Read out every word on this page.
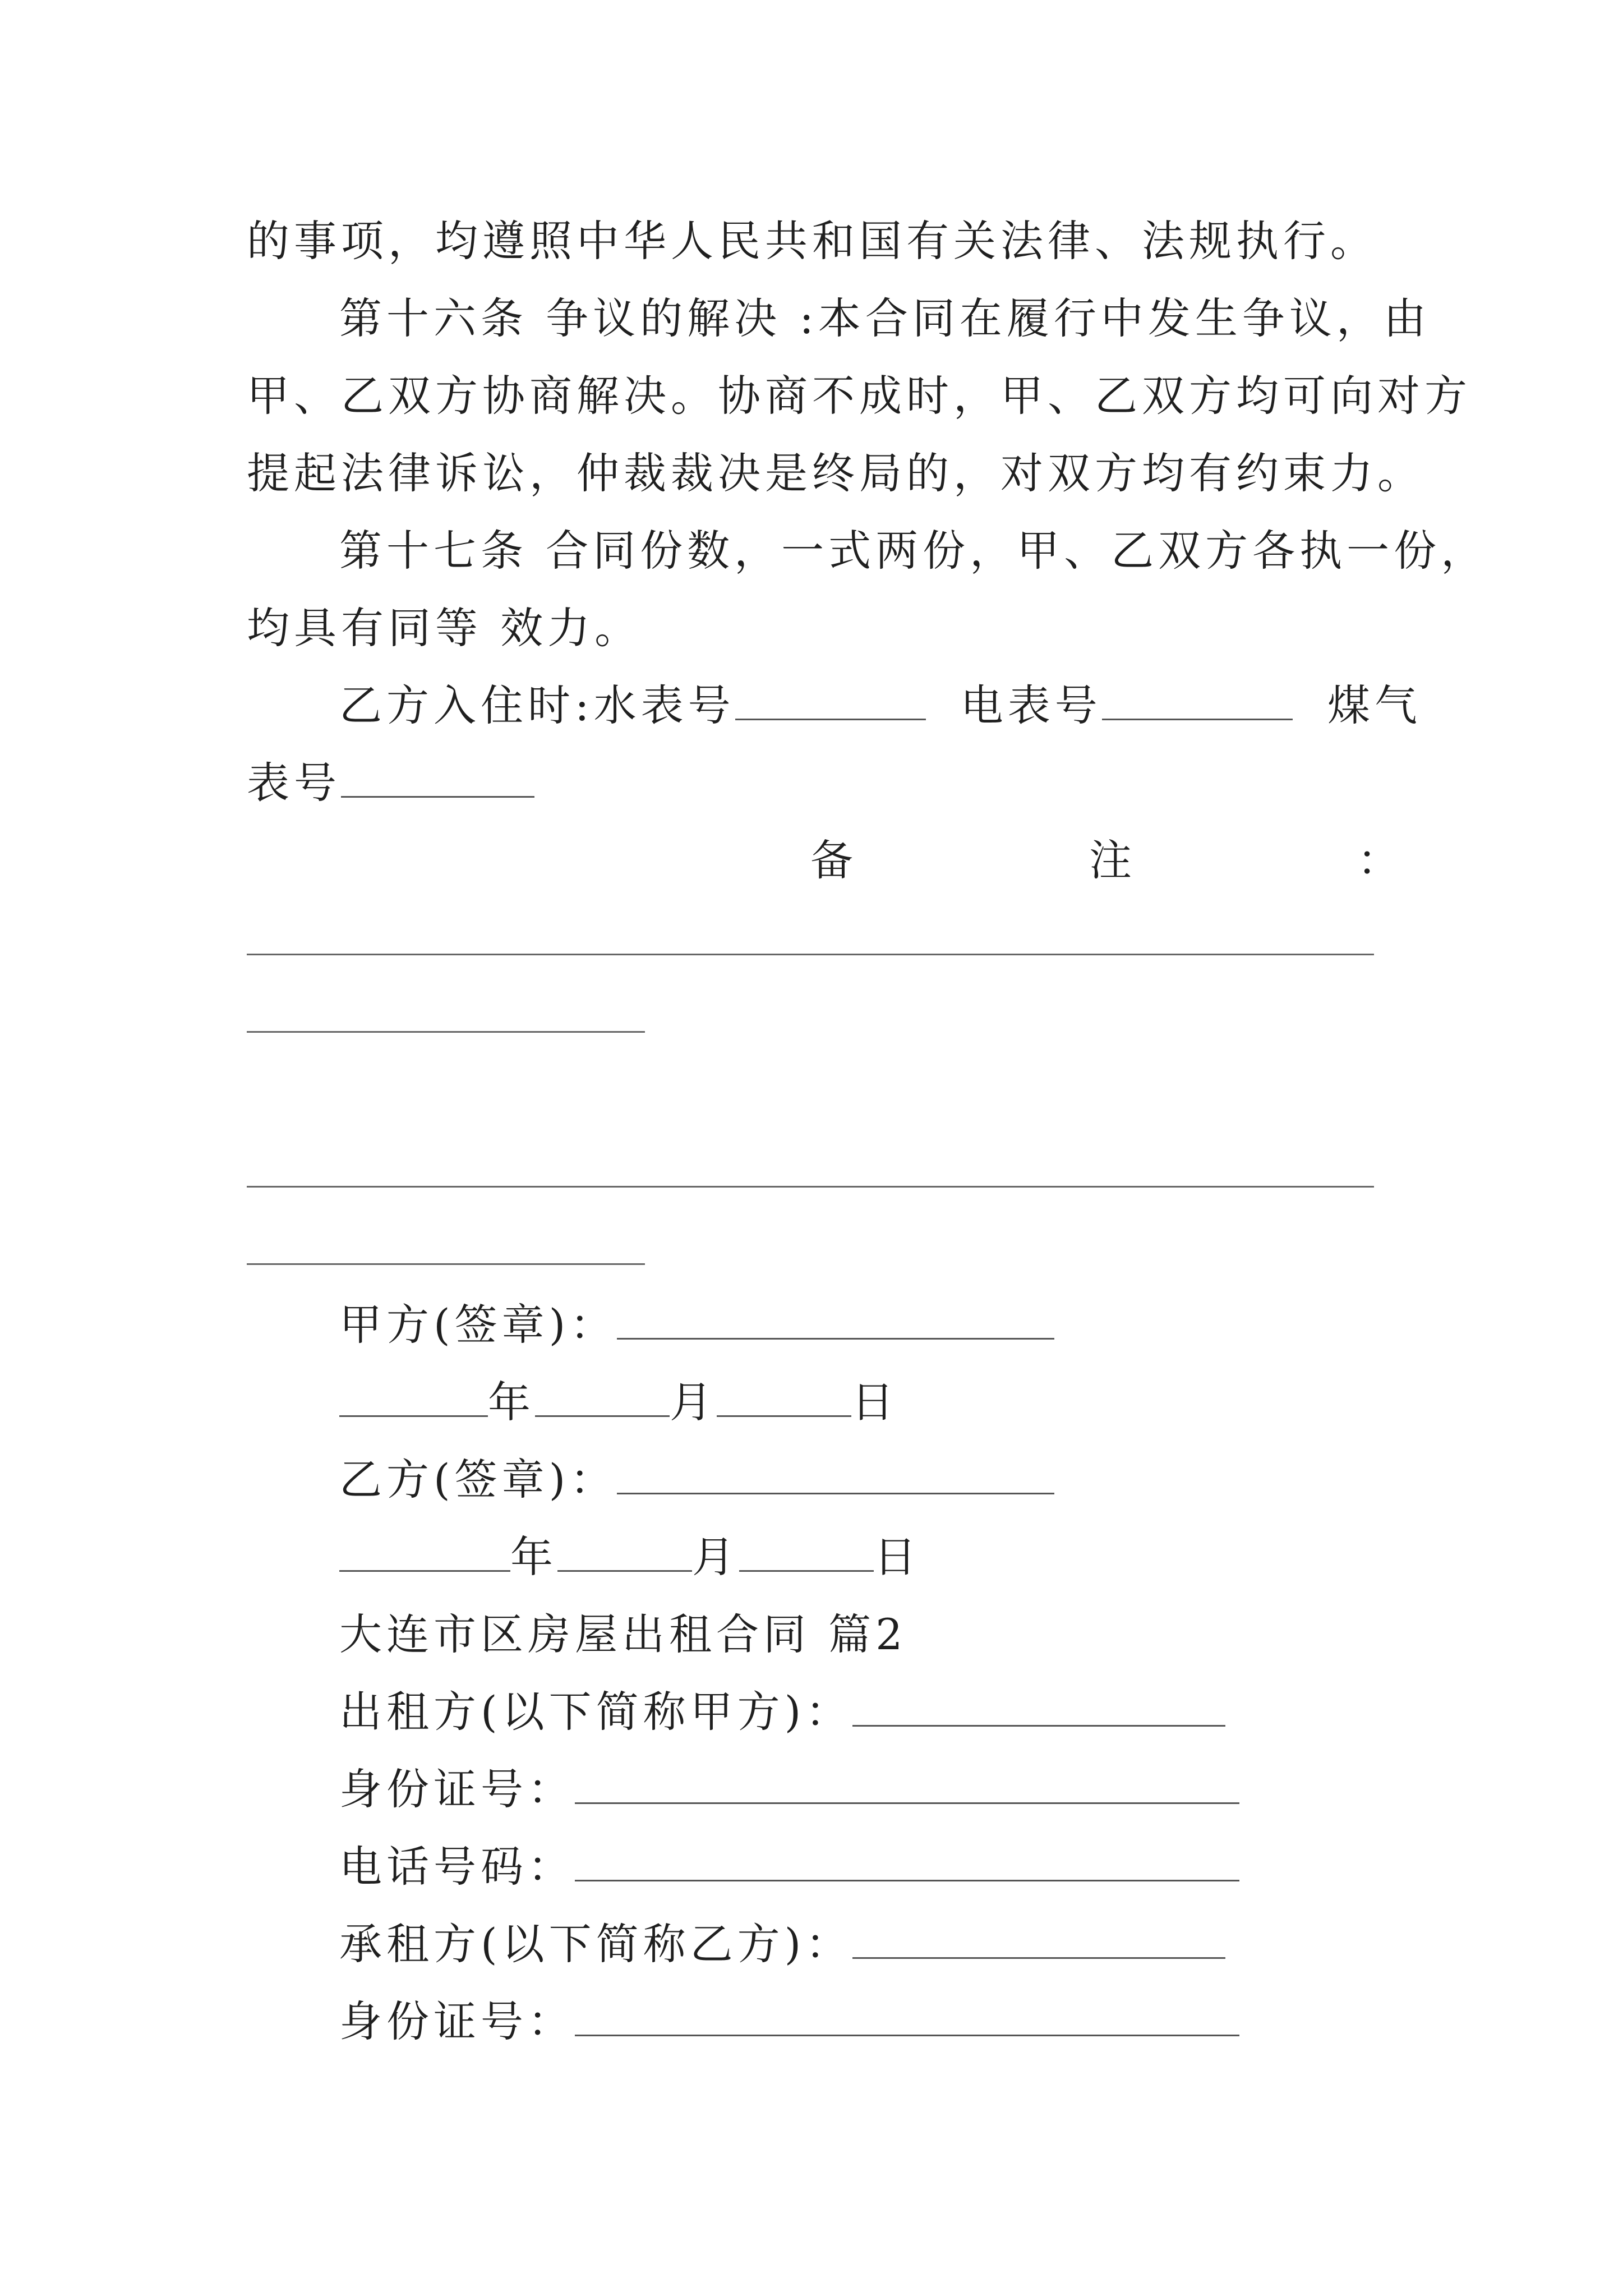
的事项，均遵照中华人民共和国有关法律、法规执行。
第十六条 争议的解决 :本合同在履行中发生争议，由
甲、乙双方协商解决。协商不成时，甲、乙双方均可向对方
提起法律诉讼，仲裁裁决是终局的，对双方均有约束力。
第十七条 合同份数，一式两份，甲、乙双方各执一份，
均具有同等 效力。
乙方入住时:水表号	电表号	煤气
表号
备	注	：
甲方(签章)：
年	月	日
乙方(签章)：
年	月	日
大连市区房屋出租合同 篇2
出租方(以下简称甲方)：
身份证号：
电话号码：
承租方(以下简称乙方)：
身份证号：
